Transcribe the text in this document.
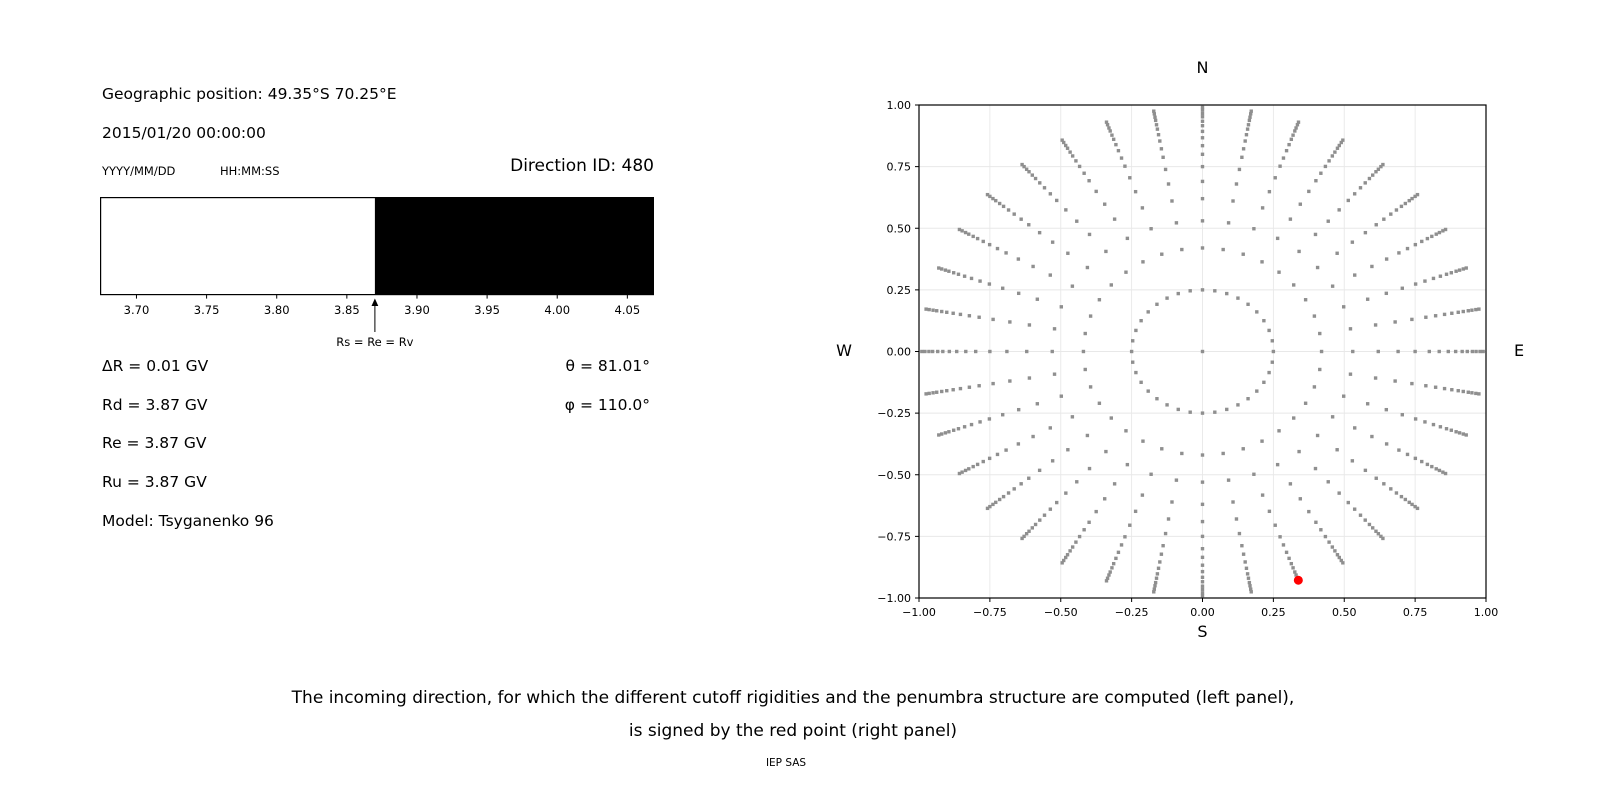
Geographic position: 49.35°S 70.25°E
2015/01/20 00:00:00
YYYY/MM/DD	HH:MM:SS	Direction ID: 480
3.70	3.75	3.80	3.85	3.90	3.95	4.00	4.05
Rs = Re = Rv
ΔR = 0.01 GV	θ = 81.01°
Rd = 3.87 GV	φ = 110.0°
Re = 3.87 GV
Ru = 3.87 GV
Model: Tsyganenko 96
N
S
W	E
−1.00	−0.75	−0.50	−0.25	0.00	0.25	0.50	0.75	1.00
1.00
0.75
0.50
0.25
0.00
−0.25
−0.50
−0.75
−1.00
The incoming direction, for which the different cutoff rigidities and the penumbra structure are computed (left panel),
is signed by the red point (right panel)
IEP SAS
